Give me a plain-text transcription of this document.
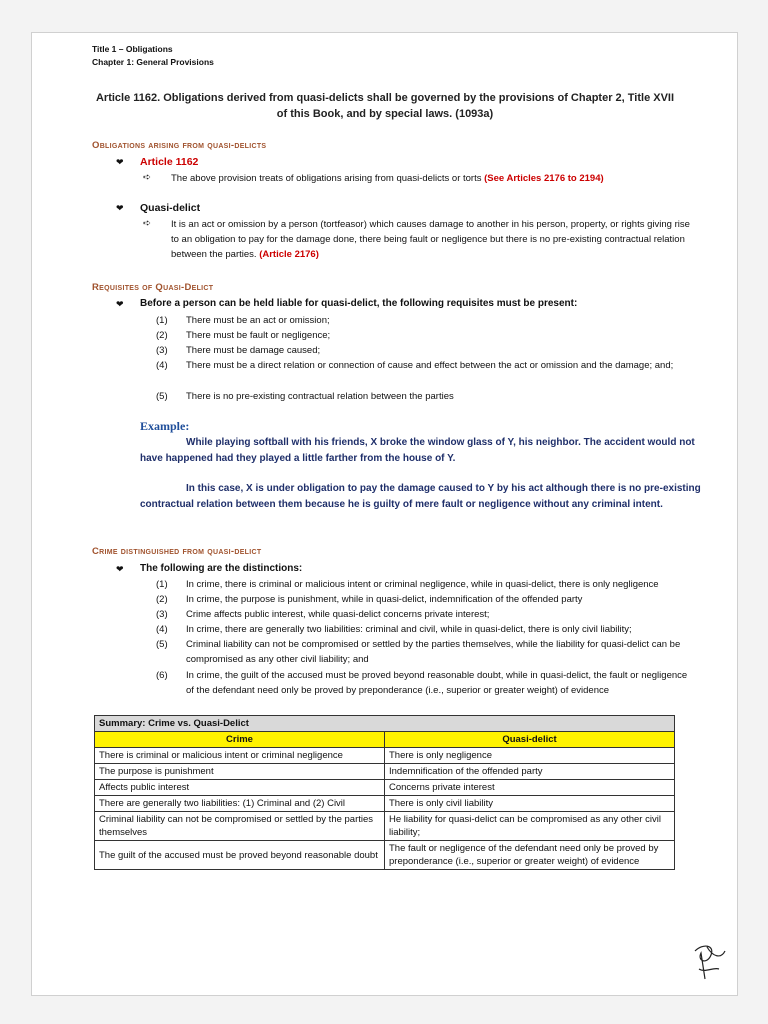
Title 1 – Obligations
Chapter 1: General Provisions
Article 1162. Obligations derived from quasi-delicts shall be governed by the provisions of Chapter 2, Title XVII of this Book, and by special laws. (1093a)
Obligations arising from quasi-delicts
❤ Article 1162
➪ The above provision treats of obligations arising from quasi-delicts or torts (See Articles 2176 to 2194)
❤ Quasi-delict
➪ It is an act or omission by a person (tortfeasor) which causes damage to another in his person, property, or rights giving rise to an obligation to pay for the damage done, there being fault or negligence but there is no pre-existing contractual relation between the parties. (Article 2176)
Requisites of Quasi-Delict
❤ Before a person can be held liable for quasi-delict, the following requisites must be present:
(1)	There must be an act or omission;
(2)	There must be fault or negligence;
(3)	There must be damage caused;
(4)	There must be a direct relation or connection of cause and effect between the act or omission and the damage; and;
(5)	There is no pre-existing contractual relation between the parties
Example:
While playing softball with his friends, X broke the window glass of Y, his neighbor. The accident would not have happened had they played a little farther from the house of Y.
In this case, X is under obligation to pay the damage caused to Y by his act although there is no pre-existing contractual relation between them because he is guilty of mere fault or negligence without any criminal intent.
Crime distinguished from quasi-delict
❤ The following are the distinctions:
(1)	In crime, there is criminal or malicious intent or criminal negligence, while in quasi-delict, there is only negligence
(2)	In crime, the purpose is punishment, while in quasi-delict, indemnification of the offended party
(3)	Crime affects public interest, while quasi-delict concerns private interest;
(4)	In crime, there are generally two liabilities: criminal and civil, while in quasi-delict, there is only civil liability;
(5)	Criminal liability can not be compromised or settled by the parties themselves, while the liability for quasi-delict can be compromised as any other civil liability; and
(6)	In crime, the guilt of the accused must be proved beyond reasonable doubt, while in quasi-delict, the fault or negligence of the defendant need only be proved by preponderance (i.e., superior or greater weight) of evidence
Summary: Crime vs. Quasi-Delict	
Crime	Quasi-delict
There is criminal or malicious intent or criminal negligence	There is only negligence
The purpose is punishment	Indemnification of the offended party
Affects public interest	Concerns private interest
There are generally two liabilities: (1) Criminal and (2) Civil	There is only civil liability
Criminal liability can not be compromised or settled by the parties themselves	He liability for quasi-delict can be compromised as any other civil liability;
The guilt of the accused must be proved beyond reasonable doubt	The fault or negligence of the defendant need only be proved by preponderance (i.e., superior or greater weight) of evidence
